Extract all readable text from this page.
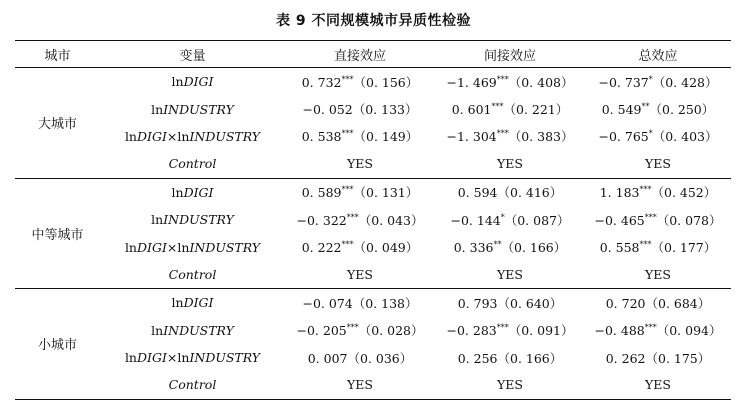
表 9 不同规模城市异质性检验
城市	变量	直接效应	间接效应	总效应
大城市	lnDIGI	0. 732***（0. 156）	−1. 469***（0. 408）	−0. 737*（0. 428）
	lnINDUSTRY	−0. 052（0. 133）	0. 601***（0. 221）	0. 549**（0. 250）
	lnDIGI×lnINDUSTRY	0. 538***（0. 149）	−1. 304***（0. 383）	−0. 765*（0. 403）
	Control	YES	YES	YES
中等城市	lnDIGI	0. 589***（0. 131）	0. 594（0. 416）	1. 183***（0. 452）
	lnINDUSTRY	−0. 322***（0. 043）	−0. 144*（0. 087）	−0. 465***（0. 078）
	lnDIGI×lnINDUSTRY	0. 222***（0. 049）	0. 336**（0. 166）	0. 558***（0. 177）
	Control	YES	YES	YES
小城市	lnDIGI	−0. 074（0. 138）	0. 793（0. 640）	0. 720（0. 684）
	lnINDUSTRY	−0. 205***（0. 028）	−0. 283***（0. 091）	−0. 488***（0. 094）
	lnDIGI×lnINDUSTRY	0. 007（0. 036）	0. 256（0. 166）	0. 262（0. 175）
	Control	YES	YES	YES
